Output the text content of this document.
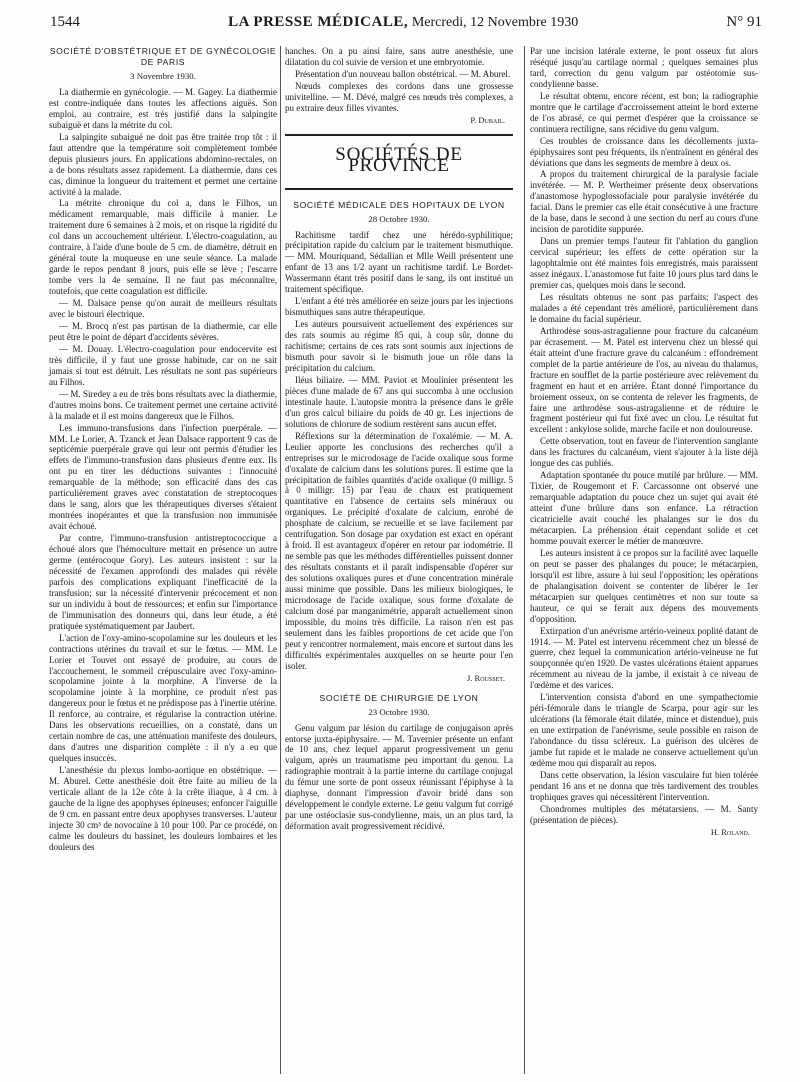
1544	LA PRESSE MÉDICALE, Mercredi, 12 Novembre 1930	N° 91
SOCIÉTÉ D'OBSTÉTRIQUE ET DE GYNÉCOLOGIE
DE PARIS
3 Novembre 1930.

La diathermie en gynécologie. — M. Gagey. La diathermie est contre-indiquée dans toutes les affections aiguës. Son emploi, au contraire, est très justifié dans la salpingite subaiguë et dans la métrite du col.

La salpingite subaiguë ne doit pas être traitée trop tôt : il faut attendre que la température soit complètement tombée depuis plusieurs jours. En applications abdomino-rectales, on a de bons résultats assez rapidement. La diathermie, dans ces cas, diminue la longueur du traitement et permet une certaine activité à la malade.

La métrite chronique du col a, dans le Filhos, un médicament remarquable, mais difficile à manier. Le traitement dure 6 semaines à 2 mois, et on risque la rigidité du col dans un accouchement ultérieur. L'électro-coagulation, au contraire, à l'aide d'une boule de 5 cm. de diamètre, détruit en général toute la muqueuse en une seule séance. La malade garde le repos pendant 8 jours, puis elle se lève ; l'escarre tombe vers la 4e semaine. Il ne faut pas méconnaître, toutefois, que cette coagulation est difficile.

— M. Dalsace pense qu'on aurait de meilleurs résultats avec le bistouri électrique.

— M. Brocq n'est pas partisan de la diathermie, car elle peut être le point de départ d'accidents sévères.

— M. Douay. L'électro-coagulation pour endocervite est très difficile, il y faut une grosse habitude, car on ne sait jamais si tout est détruit. Les résultats ne sont pas supérieurs au Filhos.

— M. Siredey a eu de très bons résultats avec la diathermie, d'autres moins bons. Ce traitement permet une certaine activité à la malade et il est moins dangereux que le Filhos.

Les immuno-transfusions dans l'infection puerpérale. — MM. Le Lorier, A. Tzanck et Jean Dalsace rapportent 9 cas de septicémie puerpérale grave qui leur ont permis d'étudier les effets de l'immuno-transfusion dans plusieurs d'entre eux. Ils ont pu en tirer les déductions suivantes : l'innocuité remarquable de la méthode; son efficacité dans des cas particulièrement graves avec constatation de streptocoques dans le sang, alors que les thérapeutiques diverses s'étaient montrées inopérantes et que la transfusion non immunisée avait échoué.

Par contre, l'immuno-transfusion antistreptococcique a échoué alors que l'hémoculture mettait en présence un autre germe (entérocoque Gory). Les auteurs insistent : sur la nécessité de l'examen approfondi des malades qui révèle parfois des complications expliquant l'inefficacité de la transfusion; sur la nécessité d'intervenir précocement et non sur un individu à bout de ressources; et enfin sur l'importance de l'immunisation des donneurs qui, dans leur étude, a été pratiquée systématiquement par Jaubert.

L'action de l'oxy-amino-scopolamine sur les douleurs et les contractions utérines du travail et sur le fœtus. — MM. Le Lorier et Touvet ont essayé de produire, au cours de l'accouchement, le sommeil crépusculaire avec l'oxy-amino-scopolamine jointe à la morphine. A l'inverse de la scopolamine jointe à la morphine, ce produit n'est pas dangereux pour le fœtus et ne prédispose pas à l'inertie utérine. Il renforce, au contraire, et régularise la contraction utérine. Dans les observations recueillies, on a constaté, dans un certain nombre de cas, une atténuation manifeste des douleurs, dans d'autres une disparition complète : il n'y a eu que quelques insuccès.

L'anesthésie du plexus lombo-aortique en obstétrique. — M. Aburel. Cette anesthésie doit être faite au milieu de la verticale allant de la 12e côte à la crête iliaque, à 4 cm. à gauche de la ligne des apophyses épineuses; enfoncer l'aiguille de 9 cm. en passant entre deux apophyses transverses. L'auteur injecte 30 cm³ de novocaïne à 10 pour 100. Par ce procédé, on calme les douleurs du bassinet, les douleurs lombaires et les douleurs des

hanches. On a pu ainsi faire, sans autre anesthésie, une dilatation du col suivie de version et une embryotomie.

Présentation d'un nouveau ballon obstétrical. — M. Aburel.

Nœuds complexes des cordons dans une grossesse univitelline. — M. Dévé, malgré ces nœuds très complexes, a pu extraire deux filles vivantes.

P. Dubail.
SOCIÉTÉS DE PROVINCE
SOCIÉTÉ MÉDICALE DES HOPITAUX DE LYON
28 Octobre 1930.

Rachitisme tardif chez une hérédo-syphilitique; précipitation rapide du calcium par le traitement bismuthique. — MM. Mouriquand, Sédallian et Mlle Weill présentent une enfant de 13 ans 1/2 ayant un rachitisme tardif. Le Bordet-Wassermann étant très positif dans le sang, ils ont institué un traitement spécifique.

L'enfant a été très améliorée en seize jours par les injections bismuthiques sans autre thérapeutique.

Les auteurs poursuivent actuellement des expériences sur des rats soumis au régime 85 qui, à coup sûr, donne du rachitisme; certains de ces rats sont soumis aux injections de bismuth pour savoir si le bismuth joue un rôle dans la précipitation du calcium.

Iléus biliaire. — MM. Paviot et Moulinier présentent les pièces d'une malade de 67 ans qui succomba à une occlusion intestinale haute. L'autopsie montra la présence dans le grêle d'un gros calcul biliaire du poids de 40 gr. Les injections de solutions de chlorure de sodium restèrent sans aucun effet.

Réflexions sur la détermination de l'oxalémie. — M. A. Leulier apporte les conclusions des recherches qu'il a entreprises sur le microdosage de l'acide oxalique sous forme d'oxalate de calcium dans les solutions pures. Il estime que la précipitation de faibles quantités d'acide oxalique (0 milligr. 5 à 0 milligr. 15) par l'eau de chaux est pratiquement quantitative en l'absence de certains sels minéraux ou organiques. Le précipité d'oxalate de calcium, enrobé de phosphate de calcium, se recueille et se lave facilement par centrifugation. Son dosage par oxydation est exact en opérant à froid. Il est avantageux d'opérer en retour par iodométrie. Il ne semble pas que les méthodes différentielles puissent donner des résultats constants et il paraît indispensable d'opérer sur des solutions oxaliques pures et d'une concentration minérale aussi minime que possible. Dans les milieux biologiques, le microdosage de l'acide oxalique, sous forme d'oxalate de calcium dosé par manganimétrie, apparaît actuellement sinon impossible, du moins très difficile. La raison n'en est pas seulement dans les faibles proportions de cet acide que l'on peut y rencontrer normalement, mais encore et surtout dans les difficultés expérimentales auxquelles on se heurte pour l'en isoler.

J. Rousset.
SOCIÉTÉ DE CHIRURGIE DE LYON
23 Octobre 1930.

Genu valgum par lésion du cartilage de conjugaison après entorse juxta-épiphysaire. — M. Tavernier présente un enfant de 10 ans, chez lequel apparut progressivement un genu valgum, après un traumatisme peu important du genou. La radiographie montrait à la partie interne du cartilage conjugal du fémur une sorte de pont osseux réunissant l'épiphyse à la diaphyse, donnant l'impression d'avoir bridé dans son développement le condyle externe. Le genu valgum fut corrigé par une ostéoclasie sus-condylienne, mais, un an plus tard, la déformation avait progressivement récidivé.

Par une incision latérale externe, le pont osseux fut alors réséqué jusqu'au cartilage normal ; quelques semaines plus tard, correction du genu valgum par ostéotomie sus-condylienne basse.

Le résultat obtenu, encore récent, est bon; la radiographie montre que le cartilage d'accroissement atteint le bord externe de l'os abrasé, ce qui permet d'espérer que la croissance se continuera rectiligne, sans récidive du genu valgum.

Ces troubles de croissance dans les décollements juxta-épiphysaires sont peu fréquents, ils n'entraînent en général des déviations que dans les segments de membre à deux os.

A propos du traitement chirurgical de la paralysie faciale invétérée. — M. P. Wertheimer présente deux observations d'anastomose hypoglossofaciale pour paralysie invétérée du facial. Dans le premier cas elle était consécutive à une fracture de la base, dans le second à une section du nerf au cours d'une incision de parotidite suppurée.

Dans un premier temps l'auteur fit l'ablation du ganglion cervical supérieur; les effets de cette opération sur la lagophtalmie ont été maintes fois enregistrés, mais paraissent assez inégaux. L'anastomose fut faite 10 jours plus tard dans le premier cas, quelques mois dans le second.

Les résultats obtenus ne sont pas parfaits; l'aspect des malades a été cependant très amélioré, particulièrement dans le domaine du facial supérieur.

Arthrodèse sous-astragalienne pour fracture du calcanéum par écrasement. — M. Patel est intervenu chez un blessé qui était atteint d'une fracture grave du calcanéum : effondrement complet de la partie antérieure de l'os, au niveau du thalamus, fracture en soufflet de la partie postérieure avec relèvement du fragment en haut et en arrière. Étant donné l'importance du broiement osseux, on se contenta de relever les fragments, de faire une arthrodèse sous-astragalienne et de réduire le fragment postérieur qui fut fixé avec un clou. Le résultat fut excellent : ankylose solide, marche facile et non douloureuse.

Cette observation, tout en faveur de l'intervention sanglante dans les fractures du calcanéum, vient s'ajouter à la liste déjà longue des cas publiés.

Adaptation spontanée du pouce mutilé par brûlure. — MM. Tixier, de Rougemont et F. Carcassonne ont observé une remarquable adaptation du pouce chez un sujet qui avait été atteint d'une brûlure dans son enfance. La rétraction cicatricielle avait couché les phalanges sur le dos du métacarpien. La préhension était cependant solide et cet homme pouvait exercer le métier de manœuvre.

Les auteurs insistent à ce propos sur la facilité avec laquelle on peut se passer des phalanges du pouce; le métacarpien, lorsqu'il est libre, assure à lui seul l'opposition; les opérations de phalangisation doivent se contenter de libérer le 1er métacarpien sur quelques centimètres et non sur toute sa hauteur, ce qui se ferait aux dépens des mouvements d'opposition.

Extirpation d'un anévrisme artério-veineux poplité datant de 1914. — M. Patel est intervenu récemment chez un blessé de guerre, chez lequel la communication artério-veineuse ne fut soupçonnée qu'en 1920. De vastes ulcérations étaient apparues récemment au niveau de la jambe, il existait à ce niveau de l'œdème et des varices.

L'intervention consista d'abord en une sympathectomie péri-fémorale dans le triangle de Scarpa, pour agir sur les ulcérations (la fémorale était dilatée, mince et distendue), puis en une extirpation de l'anévrisme, seule possible en raison de l'abondance du tissu scléreux. La guérison des ulcères de jambe fut rapide et le malade ne conserve actuellement qu'un œdème mou qui disparaît au repos.

Dans cette observation, la lésion vasculaire fut bien tolérée pendant 16 ans et ne donna que très tardivement des troubles trophiques graves qui nécessitèrent l'intervention.

Chondromes multiples des métatarsiens. — M. Santy (présentation de pièces).

H. Roland.
